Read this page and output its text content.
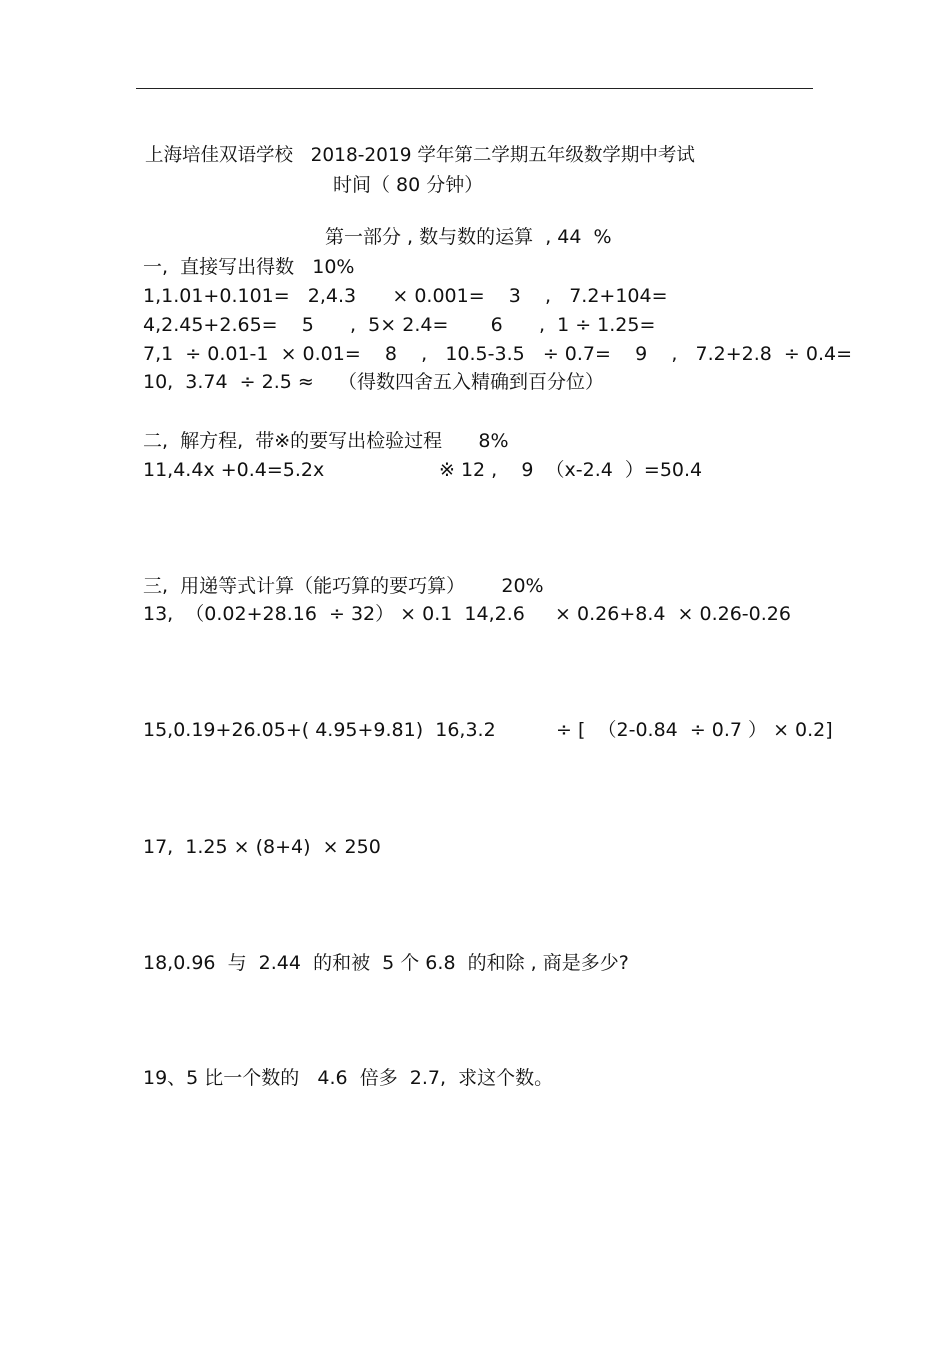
上海培佳双语学校   2018-2019 学年第二学期五年级数学期中考试

时间（ 80 分钟）

第一部分 , 数与数的运算  , 44  %

一,  直接写出得数   10%

1,1.01+0.101=   2,4.3      × 0.001=    3    ,   7.2+104=

4,2.45+2.65=    5      ,  5× 2.4=       6      ,  1 ÷ 1.25=

7,1  ÷ 0.01-1  × 0.01=    8    ,   10.5-3.5   ÷ 0.7=    9    ,   7.2+2.8  ÷ 0.4=

10,  3.74  ÷ 2.5 ≈    （得数四舍五入精确到百分位）

二,  解方程,  带※的要写出检验过程      8%

11,4.4x +0.4=5.2x                   ※ 12 ,    9  （x-2.4  ）=50.4

三,  用递等式计算（能巧算的要巧算）      20%

13,  （0.02+28.16  ÷ 32） × 0.1  14,2.6     × 0.26+8.4  × 0.26-0.26

15,0.19+26.05+( 4.95+9.81)  16,3.2          ÷ [  （2-0.84  ÷ 0.7 ） × 0.2]

17,  1.25 × (8+4)  × 250

18,0.96  与  2.44  的和被  5 个 6.8  的和除 , 商是多少?

19、5 比一个数的   4.6  倍多  2.7,  求这个数。
